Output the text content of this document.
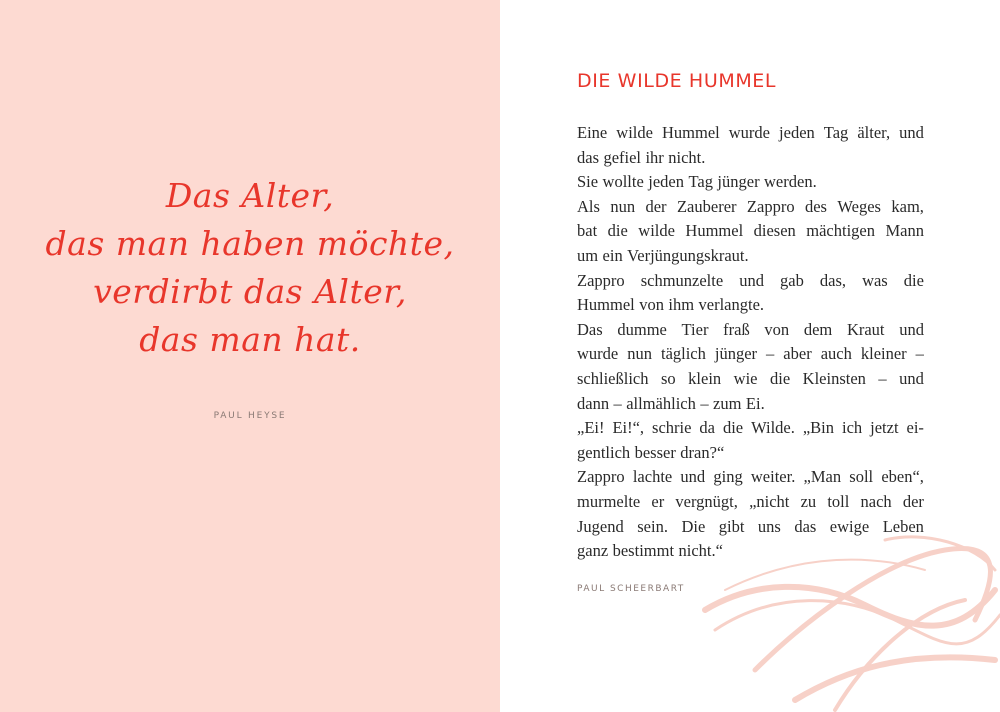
Das Alter,
das man haben möchte,
verdirbt das Alter,
das man hat.
PAUL HEYSE
DIE WILDE HUMMEL
Eine wilde Hummel wurde jeden Tag älter, und
das gefiel ihr nicht.
Sie wollte jeden Tag jünger werden.
Als nun der Zauberer Zappro des Weges kam,
bat die wilde Hummel diesen mächtigen Mann
um ein Verjüngungskraut.
Zappro schmunzelte und gab das, was die
Hummel von ihm verlangte.
Das dumme Tier fraß von dem Kraut und
wurde nun täglich jünger – aber auch kleiner –
schließlich so klein wie die Kleinsten – und
dann – allmählich – zum Ei.
„Ei! Ei!“, schrie da die Wilde. „Bin ich jetzt ei-
gentlich besser dran?“
Zappro lachte und ging weiter. „Man soll eben“,
murmelte er vergnügt, „nicht zu toll nach der
Jugend sein. Die gibt uns das ewige Leben
ganz bestimmt nicht.“
PAUL SCHEERBART
